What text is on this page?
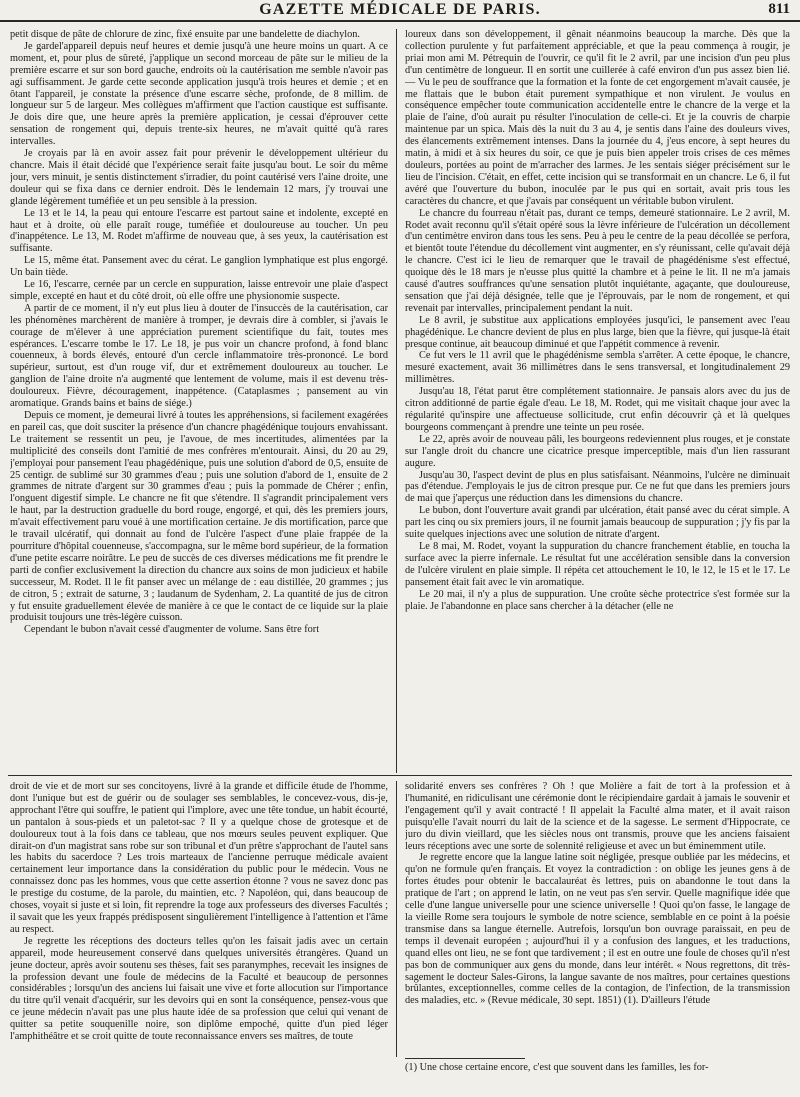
GAZETTE MÉDICALE DE PARIS.	811

petit disque de pâte de chlorure de zinc, fixé ensuite par une bandelette de diachylon.

Je gardel'appareil depuis neuf heures et demie jusqu'à une heure moins un quart. A ce moment, et, pour plus de sûreté, j'applique un second morceau de pâte sur le milieu de la première escarre et sur son bord gauche, endroits où la cautérisation me semble n'avoir pas agi suffisamment. Je garde cette seconde application jusqu'à trois heures et demie ; et en ôtant l'appareil, je constate la présence d'une escarre sèche, profonde, de 8 millim. de longueur sur 5 de largeur. Mes collègues m'affirment que l'action caustique est suffisante. Je dois dire que, une heure après la première application, je cessai d'éprouver cette sensation de rongement qui, depuis trente-six heures, ne m'avait quitté qu'à rares intervalles.

Je croyais par là en avoir assez fait pour prévenir le développement ultérieur du chancre. Mais il était décidé que l'expérience serait faite jusqu'au bout. Le soir du même jour, vers minuit, je sentis distinctement s'irradier, du point cautérisé vers l'aine droite, une douleur qui se fixa dans ce dernier endroit. Dès le lendemain 12 mars, j'y trouvai une glande légèrement tuméfiée et un peu sensible à la pression.

Le 13 et le 14, la peau qui entoure l'escarre est partout saine et indolente, excepté en haut et à droite, où elle paraît rouge, tuméfiée et douloureuse au toucher. Un peu d'inappétence. Le 13, M. Rodet m'affirme de nouveau que, à ses yeux, la cautérisation est suffisante.

Le 15, même état. Pansement avec du cérat. Le ganglion lymphatique est plus engorgé. Un bain tiède.

Le 16, l'escarre, cernée par un cercle en suppuration, laisse entrevoir une plaie d'aspect simple, excepté en haut et du côté droit, où elle offre une physionomie suspecte.

A partir de ce moment, il n'y eut plus lieu à douter de l'insuccès de la cautérisation, car les phénomènes marchèrent de manière à tromper, je devrais dire à combler, si j'avais le courage de m'élever à une appréciation purement scientifique du fait, toutes mes espérances. L'escarre tombe le 17. Le 18, je pus voir un chancre profond, à fond blanc couenneux, à bords élevés, entouré d'un cercle inflammatoire très-prononcé. Le bord supérieur, surtout, est d'un rouge vif, dur et extrêmement douloureux au toucher. Le ganglion de l'aine droite n'a augmenté que lentement de volume, mais il est devenu très-douloureux. Fièvre, découragement, inappétence. (Cataplasmes ; pansement au vin aromatique. Grands bains et bains de siége.)

Depuis ce moment, je demeurai livré à toutes les appréhensions, si facilement exagérées en pareil cas, que doit susciter la présence d'un chancre phagédénique toujours envahissant. Le traitement se ressentit un peu, je l'avoue, de mes incertitudes, alimentées par la multiplicité des conseils dont l'amitié de mes confrères m'entourait. Ainsi, du 20 au 29, j'employai pour pansement l'eau phagédénique, puis une solution d'abord de 0,5, ensuite de 25 centigr. de sublimé sur 30 grammes d'eau ; puis une solution d'abord de 1, ensuite de 2 grammes de nitrate d'argent sur 30 grammes d'eau ; puis la pommade de Chérer ; enfin, l'onguent digestif simple. Le chancre ne fit que s'étendre. Il s'agrandit principalement vers le haut, par la destruction graduelle du bord rouge, engorgé, et qui, dès les premiers jours, m'avait effectivement paru voué à une mortification certaine. Je dis mortification, parce que le travail ulcératif, qui donnait au fond de l'ulcère l'aspect d'une plaie frappée de la pourriture d'hôpital couenneuse, s'accompagna, sur le même bord supérieur, de la formation d'une petite escarre noirâtre. Le peu de succès de ces diverses médications me fit prendre le parti de confier exclusivement la direction du chancre aux soins de mon judicieux et habile successeur, M. Rodet. Il le fit panser avec un mélange de : eau distillée, 20 grammes ; jus de citron, 5 ; extrait de saturne, 3 ; laudanum de Sydenham, 2. La quantité de jus de citron y fut ensuite graduellement élevée de manière à ce que le contact de ce liquide sur la plaie produisit toujours une très-légère cuisson.

Cependant le bubon n'avait cessé d'augmenter de volume. Sans être fort

loureux dans son développement, il gênait néanmoins beaucoup la marche. Dès que la collection purulente y fut parfaitement appréciable, et que la peau commença à rougir, je priai mon ami M. Pétrequin de l'ouvrir, ce qu'il fit le 2 avril, par une incision d'un peu plus d'un centimètre de longueur. Il en sortit une cuillerée à café environ d'un pus assez bien lié. — Vu le peu de souffrance que la formation et la fonte de cet engorgement m'avait causée, je me flattais que le bubon était purement sympathique et non virulent. Je voulus en conséquence empêcher toute communication accidentelle entre le chancre de la verge et la plaie de l'aine, d'où aurait pu résulter l'inoculation de celle-ci. Et je la couvris de charpie maintenue par un spica. Mais dès la nuit du 3 au 4, je sentis dans l'aine des douleurs vives, des élancements extrêmement intenses. Dans la journée du 4, j'eus encore, à sept heures du matin, à midi et à six heures du soir, ce que je puis bien appeler trois crises de ces mêmes douleurs, portées au point de m'arracher des larmes. Je les sentais siéger précisément sur le lieu de l'incision. C'était, en effet, cette incision qui se transformait en un chancre. Le 6, il fut avéré que l'ouverture du bubon, inoculée par le pus qui en sortait, avait pris tous les caractères du chancre, et que j'avais par conséquent un véritable bubon virulent.

Le chancre du fourreau n'était pas, durant ce temps, demeuré stationnaire. Le 2 avril, M. Rodet avait reconnu qu'il s'était opéré sous la lèvre inférieure de l'ulcération un décollement d'un centimètre environ dans tous les sens. Peu à peu le centre de la peau décollée se perfora, et bientôt toute l'étendue du décollement vint augmenter, en s'y réunissant, celle qu'avait déjà le chancre. C'est ici le lieu de remarquer que le travail de phagédénisme s'est effectué, quoique dès le 18 mars je n'eusse plus quitté la chambre et à peine le lit. Il ne m'a jamais causé d'autres souffrances qu'une sensation plutôt inquiétante, agaçante, que douloureuse, sensation que j'ai déjà désignée, telle que je l'éprouvais, par le nom de rongement, et qui revenait par intervalles, principalement pendant la nuit.

Le 8 avril, je substitue aux applications employées jusqu'ici, le pansement avec l'eau phagédénique. Le chancre devient de plus en plus large, bien que la fièvre, qui jusque-là était presque continue, ait beaucoup diminué et que l'appétit commence à revenir.

Ce fut vers le 11 avril que le phagédénisme sembla s'arrêter. A cette époque, le chancre, mesuré exactement, avait 36 millimètres dans le sens transversal, et longitudinalement 29 millimètres.

Jusqu'au 18, l'état parut être complétement stationnaire. Je pansais alors avec du jus de citron additionné de partie égale d'eau. Le 18, M. Rodet, qui me visitait chaque jour avec la régularité qu'inspire une affectueuse sollicitude, crut enfin découvrir çà et là quelques bourgeons commençant à prendre une teinte un peu rosée.

Le 22, après avoir de nouveau pâli, les bourgeons redeviennent plus rouges, et je constate sur l'angle droit du chancre une cicatrice presque imperceptible, mais d'un lien rassurant augure.

Jusqu'au 30, l'aspect devint de plus en plus satisfaisant. Néanmoins, l'ulcère ne diminuait pas d'étendue. J'employais le jus de citron presque pur. Ce ne fut que dans les premiers jours de mai que j'aperçus une réduction dans les dimensions du chancre.

Le bubon, dont l'ouverture avait grandi par ulcération, était pansé avec du cérat simple. A part les cinq ou six premiers jours, il ne fournit jamais beaucoup de suppuration ; j'y fis par la suite quelques injections avec une solution de nitrate d'argent.

Le 8 mai, M. Rodet, voyant la suppuration du chancre franchement établie, en toucha la surface avec la pierre infernale. Le résultat fut une accélération sensible dans la conversion de l'ulcère virulent en plaie simple. Il répéta cet attouchement le 10, le 12, le 15 et le 17. Le pansement était fait avec le vin aromatique.

Le 20 mai, il n'y a plus de suppuration. Une croûte sèche protectrice s'est formée sur la plaie. Je l'abandonne en place sans chercher à la détacher (elle ne

droit de vie et de mort sur ses concitoyens, livré à la grande et difficile étude de l'homme, dont l'unique but est de guérir ou de soulager ses semblables, le concevez-vous, dis-je, approchant l'être qui souffre, le patient qui l'implore, avec une tête tondue, un habit écourté, un pantalon à sous-pieds et un paletot-sac ? Il y a quelque chose de grotesque et de douloureux tout à la fois dans ce tableau, que nos mœurs seules peuvent expliquer. Que dirait-on d'un magistrat sans robe sur son tribunal et d'un prêtre s'approchant de l'autel sans les habits du sacerdoce ? Les trois marteaux de l'ancienne perruque médicale avaient certainement leur importance dans la considération du public pour le médecin. Vous ne connaissez donc pas les hommes, vous que cette assertion étonne ? vous ne savez donc pas le prestige du costume, de la parole, du maintien, etc. ? Napoléon, qui, dans beaucoup de choses, voyait si juste et si loin, fit reprendre la toge aux professeurs des diverses Facultés ; il savait que les yeux frappés prédisposent singulièrement l'intelligence à l'attention et l'âme au respect.

Je regrette les réceptions des docteurs telles qu'on les faisait jadis avec un certain appareil, mode heureusement conservé dans quelques universités étrangères. Quand un jeune docteur, après avoir soutenu ses thèses, fait ses paranymphes, recevait les insignes de la profession devant une foule de médecins de la Faculté et beaucoup de personnes considérables ; lorsqu'un des anciens lui faisait une vive et forte allocution sur l'importance du titre qu'il venait d'acquérir, sur les devoirs qui en sont la conséquence, pensez-vous que ce jeune médecin n'avait pas une plus haute idée de sa profession que celui qui venant de quitter sa petite souquenille noire, son diplôme empoché, quitte d'un pied léger l'amphithéâtre et se croit quitte de toute reconnaissance envers ses maîtres, de toute

solidarité envers ses confrères ? Oh ! que Molière a fait de tort à la profession et à l'humanité, en ridiculisant une cérémonie dont le récipiendaire gardait à jamais le souvenir et l'engagement qu'il y avait contracté ! Il appelait la Faculté alma mater, et il avait raison puisqu'elle l'avait nourri du lait de la science et de la sagesse. Le serment d'Hippocrate, ce juro du divin vieillard, que les siècles nous ont transmis, prouve que les anciens faisaient leurs réceptions avec une sorte de solennité religieuse et avec un but éminemment utile.

Je regrette encore que la langue latine soit négligée, presque oubliée par les médecins, et qu'on ne formule qu'en français. Et voyez la contradiction : on oblige les jeunes gens à de fortes études pour obtenir le baccalauréat ès lettres, puis on abandonne le tout dans la pratique de l'art ; on apprend le latin, on ne veut pas s'en servir. Quelle magnifique idée que celle d'une langue universelle pour une science universelle ! Quoi qu'on fasse, le langage de la vieille Rome sera toujours le symbole de notre science, semblable en ce point à la poésie transmise dans sa langue éternelle. Autrefois, lorsqu'un bon ouvrage paraissait, en peu de temps il devenait européen ; aujourd'hui il y a confusion des langues, et les traductions, quand elles ont lieu, ne se font que tardivement ; il est en outre une foule de choses qu'il n'est pas bon de communiquer aux gens du monde, dans leur intérêt. « Nous regrettons, dit très-sagement le docteur Sales-Girons, la langue savante de nos maîtres, pour certaines questions brûlantes, exceptionnelles, comme celles de la contagion, de l'infection, de la transmission des maladies, etc. » (Revue médicale, 30 sept. 1851) (1). D'ailleurs l'étude

(1) Une chose certaine encore, c'est que souvent dans les familles, les for-
